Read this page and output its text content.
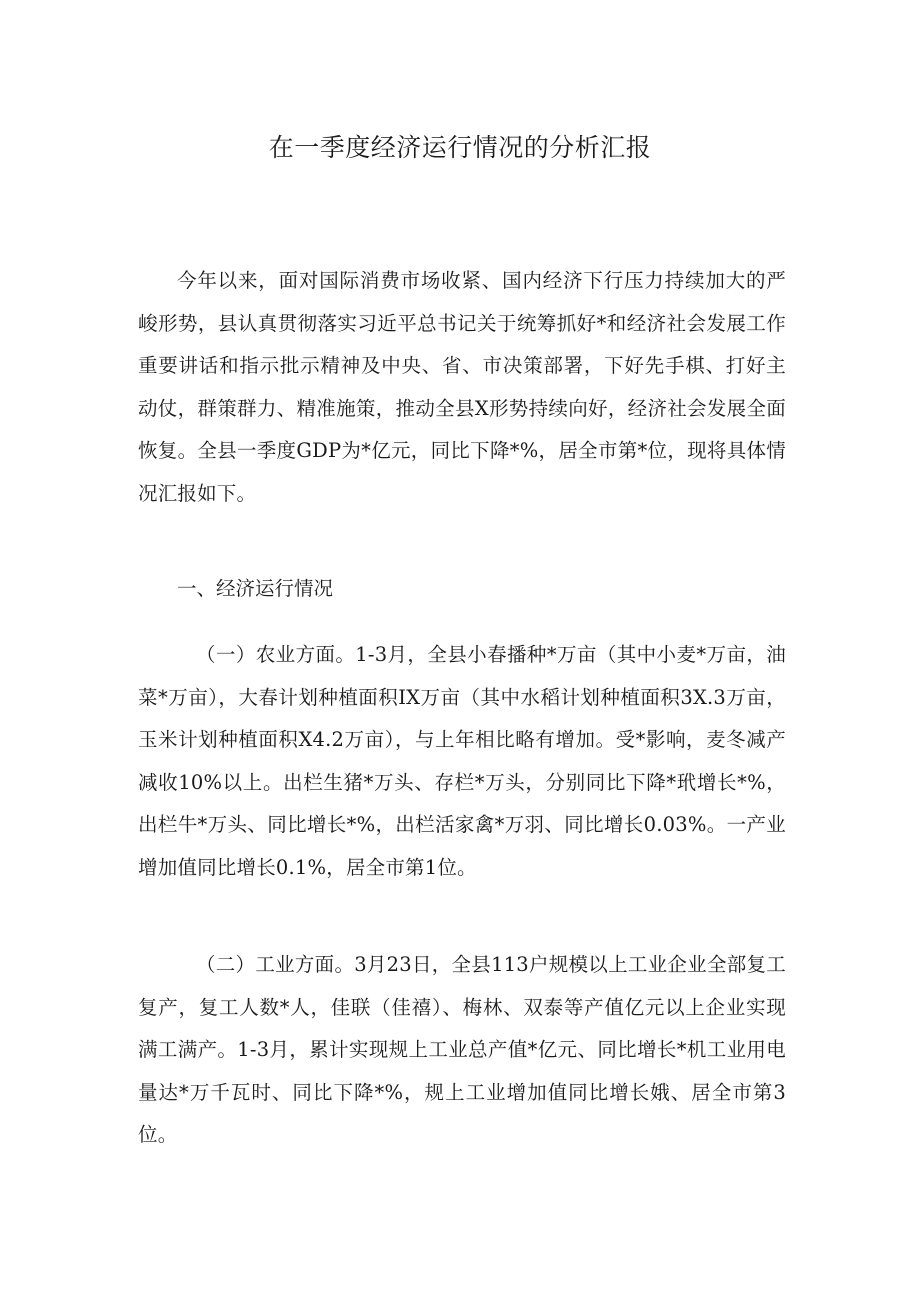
在一季度经济运行情况的分析汇报

今年以来，面对国际消费市场收紧、国内经济下行压力持续加大的严峻形势，县认真贯彻落实习近平总书记关于统筹抓好*和经济社会发展工作重要讲话和指示批示精神及中央、省、市决策部署，下好先手棋、打好主动仗，群策群力、精准施策，推动全县X形势持续向好，经济社会发展全面恢复。全县一季度GDP为*亿元，同比下降*%，居全市第*位，现将具体情况汇报如下。

一、经济运行情况

（一）农业方面。1-3月，全县小春播种*万亩（其中小麦*万亩，油菜*万亩），大春计划种植面积IX万亩（其中水稻计划种植面积3X.3万亩，玉米计划种植面积X4.2万亩），与上年相比略有增加。受*影响，麦冬减产减收10%以上。出栏生猪*万头、存栏*万头，分别同比下降*玳增长*%，出栏牛*万头、同比增长*%，出栏活家禽*万羽、同比增长0.03%。一产业增加值同比增长0.1%，居全市第1位。

（二）工业方面。3月23日，全县113户规模以上工业企业全部复工复产，复工人数*人，佳联（佳禧）、梅林、双泰等产值亿元以上企业实现满工满产。1-3月，累计实现规上工业总产值*亿元、同比增长*机工业用电量达*万千瓦时、同比下降*%，规上工业增加值同比增长娥、居全市第3位。
